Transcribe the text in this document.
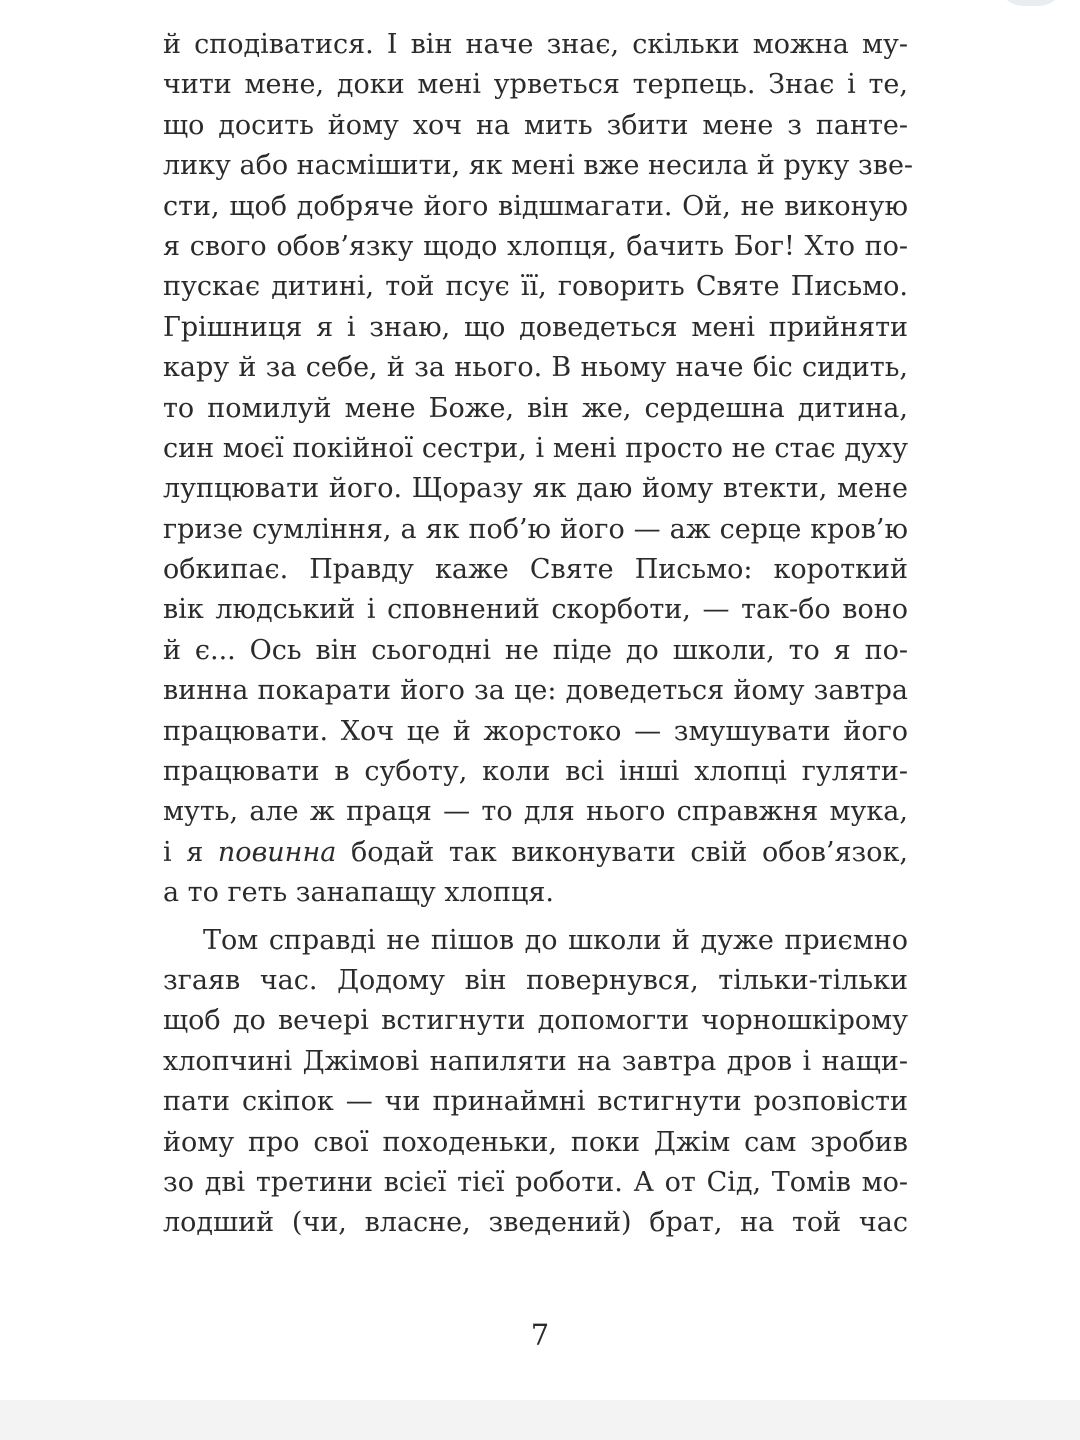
й сподіватися. І він наче знає, скільки можна му-
чити мене, доки мені урветься терпець. Знає і те,
що досить йому хоч на мить збити мене з панте-
лику або насмішити, як мені вже несила й руку зве-
сти, щоб добряче його відшмагати. Ой, не виконую
я свого обов’язку щодо хлопця, бачить Бог! Хто по-
пускає дитині, той псує її, говорить Святе Письмо.
Грішниця я і знаю, що доведеться мені прийняти
кару й за себе, й за нього. В ньому наче біс сидить,
то помилуй мене Боже, він же, сердешна дитина,
син моєї покійної сестри, і мені просто не стає духу
лупцювати його. Щоразу як даю йому втекти, мене
гризе сумління, а як поб’ю його — аж серце кров’ю
обкипає. Правду каже Святе Письмо: короткий
вік людський і сповнений скорботи, — так-бо воно
й є... Ось він сьогодні не піде до школи, то я по-
винна покарати його за це: доведеться йому завтра
працювати. Хоч це й жорстоко — змушувати його
працювати в суботу, коли всі інші хлопці гуляти-
муть, але ж праця — то для нього справжня мука,
і я повинна бодай так виконувати свій обов’язок,
а то геть занапащу хлопця.
Том справді не пішов до школи й дуже приємно
згаяв час. Додому він повернувся, тільки-тільки
щоб до вечері встигнути допомогти чорношкірому
хлопчині Джімові напиляти на завтра дров і нащи-
пати скіпок — чи принаймні встигнути розповісти
йому про свої походеньки, поки Джім сам зробив
зо дві третини всієї тієї роботи. А от Сід, Томів мо-
лодший (чи, власне, зведений) брат, на той час
7
